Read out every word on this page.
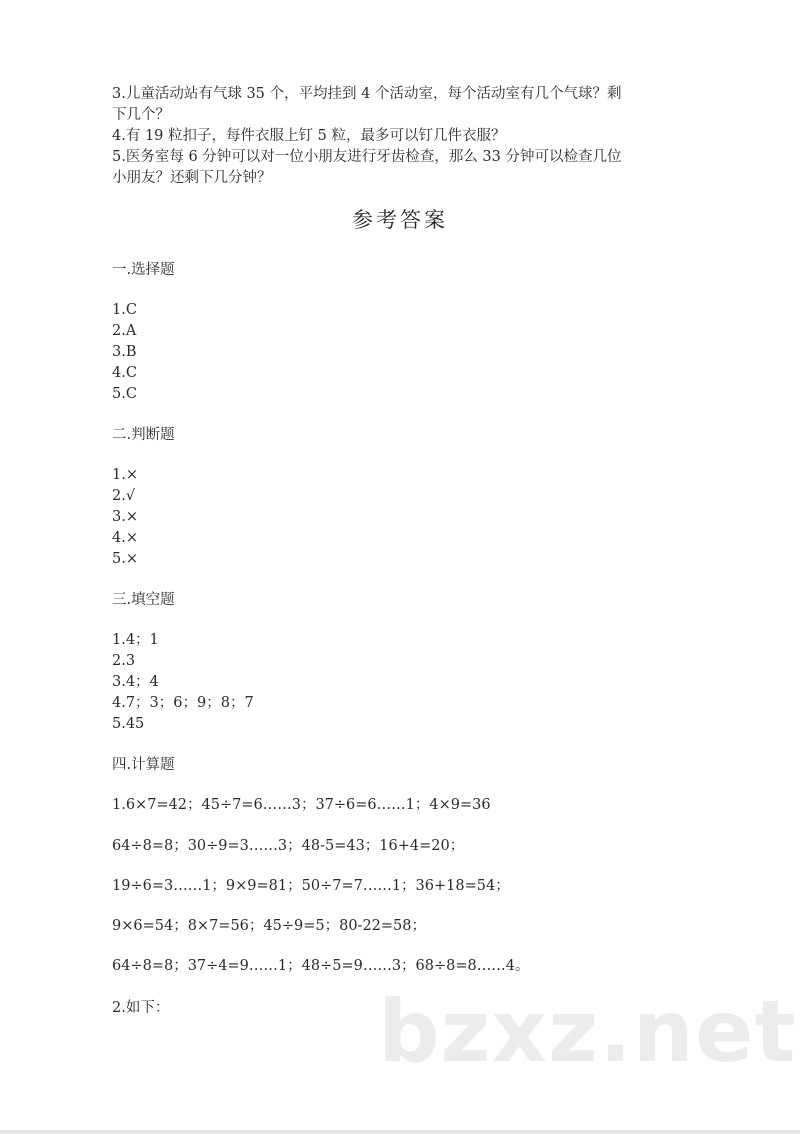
3.儿童活动站有气球 35 个，平均挂到 4 个活动室，每个活动室有几个气球？剩
下几个？
4.有 19 粒扣子，每件衣服上钉 5 粒，最多可以钉几件衣服？
5.医务室每 6 分钟可以对一位小朋友进行牙齿检查，那么 33 分钟可以检查几位
小朋友？还剩下几分钟？
参考答案
一.选择题
1.C
2.A
3.B
4.C
5.C
二.判断题
1.×
2.√
3.×
4.×
5.×
三.填空题
1.4；1
2.3
3.4；4
4.7；3；6；9；8；7
5.45
四.计算题
1.6×7=42；45÷7=6……3；37÷6=6……1；4×9=36
64÷8=8；30÷9=3……3；48-5=43；16+4=20；
19÷6=3……1；9×9=81；50÷7=7……1；36+18=54；
9×6=54；8×7=56；45÷9=5；80-22=58；
64÷8=8；37÷4=9……1；48÷5=9……3；68÷8=8……4。
2.如下： bzxz.net
